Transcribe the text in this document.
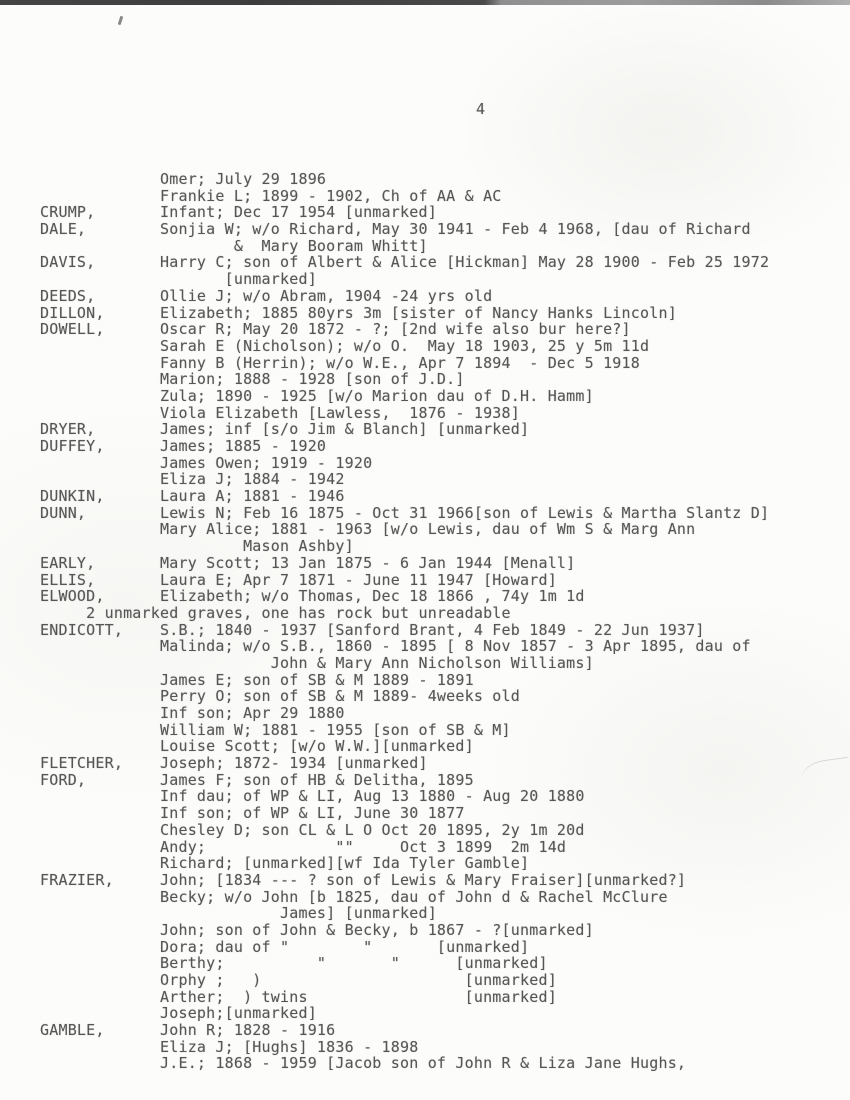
4
Omer; July 29 1896
Frankie L; 1899 - 1902, Ch of AA & AC
CRUMP,       Infant; Dec 17 1954 [unmarked]
DALE,        Sonjia W; w/o Richard, May 30 1941 - Feb 4 1968, [dau of Richard
&  Mary Booram Whitt]
DAVIS,       Harry C; son of Albert & Alice [Hickman] May 28 1900 - Feb 25 1972
[unmarked]
DEEDS,       Ollie J; w/o Abram, 1904 -24 yrs old
DILLON,      Elizabeth; 1885 80yrs 3m [sister of Nancy Hanks Lincoln]
DOWELL,      Oscar R; May 20 1872 - ?; [2nd wife also bur here?]
Sarah E (Nicholson); w/o O.  May 18 1903, 25 y 5m 11d
Fanny B (Herrin); w/o W.E., Apr 7 1894  - Dec 5 1918
Marion; 1888 - 1928 [son of J.D.]
Zula; 1890 - 1925 [w/o Marion dau of D.H. Hamm]
Viola Elizabeth [Lawless,  1876 - 1938]
DRYER,       James; inf [s/o Jim & Blanch] [unmarked]
DUFFEY,      James; 1885 - 1920
James Owen; 1919 - 1920
Eliza J; 1884 - 1942
DUNKIN,      Laura A; 1881 - 1946
DUNN,        Lewis N; Feb 16 1875 - Oct 31 1966[son of Lewis & Martha Slantz D]
Mary Alice; 1881 - 1963 [w/o Lewis, dau of Wm S & Marg Ann
Mason Ashby]
EARLY,       Mary Scott; 13 Jan 1875 - 6 Jan 1944 [Menall]
ELLIS,       Laura E; Apr 7 1871 - June 11 1947 [Howard]
ELWOOD,      Elizabeth; w/o Thomas, Dec 18 1866 , 74y 1m 1d
2 unmarked graves, one has rock but unreadable
ENDICOTT,    S.B.; 1840 - 1937 [Sanford Brant, 4 Feb 1849 - 22 Jun 1937]
Malinda; w/o S.B., 1860 - 1895 [ 8 Nov 1857 - 3 Apr 1895, dau of
John & Mary Ann Nicholson Williams]
James E; son of SB & M 1889 - 1891
Perry O; son of SB & M 1889- 4weeks old
Inf son; Apr 29 1880
William W; 1881 - 1955 [son of SB & M]
Louise Scott; [w/o W.W.][unmarked]
FLETCHER,    Joseph; 1872- 1934 [unmarked]
FORD,        James F; son of HB & Delitha, 1895
Inf dau; of WP & LI, Aug 13 1880 - Aug 20 1880
Inf son; of WP & LI, June 30 1877
Chesley D; son CL & L O Oct 20 1895, 2y 1m 20d
Andy;              ""     Oct 3 1899  2m 14d
Richard; [unmarked][wf Ida Tyler Gamble]
FRAZIER,     John; [1834 --- ? son of Lewis & Mary Fraiser][unmarked?]
Becky; w/o John [b 1825, dau of John d & Rachel McClure
James] [unmarked]
John; son of John & Becky, b 1867 - ?[unmarked]
Dora; dau of "        "       [unmarked]
Berthy;          "       "      [unmarked]
Orphy ;   )                      [unmarked]
Arther;  ) twins                 [unmarked]
Joseph;[unmarked]
GAMBLE,      John R; 1828 - 1916
Eliza J; [Hughs] 1836 - 1898
J.E.; 1868 - 1959 [Jacob son of John R & Liza Jane Hughs,
